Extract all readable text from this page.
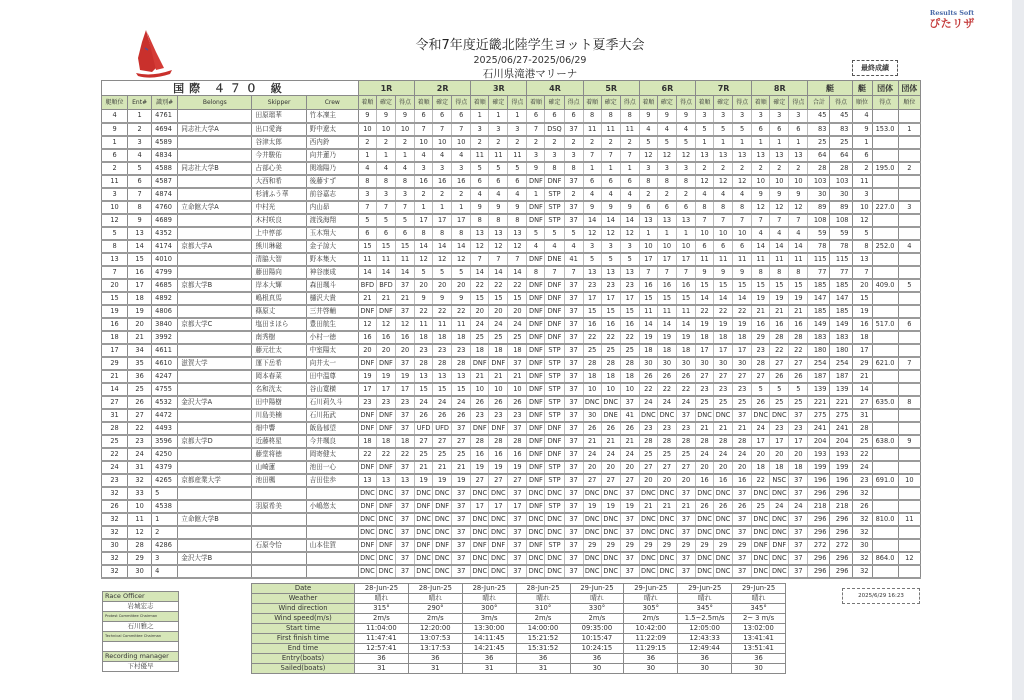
Results Soft
ぴたリザ
令和7年度近畿北陸学生ヨット夏季大会
2025/06/27-2025/06/29
石川県滝港マリーナ	最終成績
国際 ４７０ 級						1R			2R			3R			4R			5R			6R			7R			8R			艇		艇	団体	団体
艇順位	Ent#	識別#	Belongs	Skipper	Crew	着順	確定	得点	着順	確定	得点	着順	確定	得点	着順	確定	得点	着順	確定	得点	着順	確定	得点	着順	確定	得点	着順	確定	得点	合計	得点	順位	得点	順位
4	1	4761		田原瑠華	竹本凜主	9	9	9	6	6	6	1	1	1	6	6	6	8	8	8	9	9	9	3	3	3	3	3	3	45	45	4		
9	2	4694	同志社大学A	出口愛海	野中遼太	10	10	10	7	7	7	3	3	3	7	DSQ	37	11	11	11	4	4	4	5	5	5	6	6	6	83	83	9	153.0	1
1	3	4589		谷津太郎	西内鈴	2	2	2	10	10	10	2	2	2	2	2	2	2	2	2	5	5	5	1	1	1	1	1	1	25	25	1		
6	4	4834		今井駿佑	向井蓮乃	1	1	1	4	4	4	11	11	11	3	3	3	7	7	7	12	12	12	13	13	13	13	13	13	64	64	6		
2	5	4588	同志社大学B	占部心美	関端陽乃	4	4	4	3	3	3	5	5	5	9	8	8	1	1	1	3	3	3	2	2	2	2	2	2	28	28	2	195.0	2
11	6	4587		大西和希	後藤すず	8	8	8	16	16	16	6	6	6	DNF	DNF	37	6	6	6	8	8	8	12	12	12	10	10	10	103	103	11		
3	7	4874		杉浦ふう華	前谷嘉志	3	3	3	2	2	2	4	4	4	1	STP	2	4	4	4	2	2	2	4	4	4	9	9	9	30	30	3		
10	8	4760	立命館大学A	中村光	内山昴	7	7	7	1	1	1	9	9	9	DNF	STP	37	9	9	9	6	6	6	8	8	8	12	12	12	89	89	10	227.0	3
12	9	4689		木村咲良	渡浅海翔	5	5	5	17	17	17	8	8	8	DNF	STP	37	14	14	14	13	13	13	7	7	7	7	7	7	108	108	12		
5	13	4352		上中惇部	玉木翔大	6	6	6	8	8	8	13	13	13	5	5	5	12	12	12	1	1	1	10	10	10	4	4	4	59	59	5		
8	14	4174	京都大学A	熊川琳磁	金子諒大	15	15	15	14	14	14	12	12	12	4	4	4	3	3	3	10	10	10	6	6	6	14	14	14	78	78	8	252.0	4
13	15	4010		清脇大智	野本集大	11	11	11	12	12	12	7	7	7	DNF	DNE	41	5	5	5	17	17	17	11	11	11	11	11	11	115	115	13		
7	16	4799		藤田陽向	神谷康成	14	14	14	5	5	5	14	14	14	8	7	7	13	13	13	7	7	7	9	9	9	8	8	8	77	77	7		
20	17	4685	京都大学B	岸本大輝	森田颯斗	BFD	BFD	37	20	20	20	22	22	22	DNF	DNF	37	23	23	23	16	16	16	15	15	15	15	15	15	185	185	20	409.0	5
15	18	4892		嶋根真馬	樋沢大貴	21	21	21	9	9	9	15	15	15	DNF	DNF	37	17	17	17	15	15	15	14	14	14	19	19	19	147	147	15		
19	19	4806		篠原丈	三井啓輔	DNF	DNF	37	22	22	22	20	20	20	DNF	DNF	37	15	15	15	11	11	11	22	22	22	21	21	21	185	185	19		
16	20	3840	京都大学C	塩田まほら	豊田航生	12	12	12	11	11	11	24	24	24	DNF	DNF	37	16	16	16	14	14	14	19	19	19	16	16	16	149	149	16	517.0	6
18	21	3992		南秀樹	小村一徳	16	16	16	18	18	18	25	25	25	DNF	DNF	37	22	22	22	19	19	19	18	18	18	29	28	28	183	183	18		
17	34	4611		藤元壮太	中室陽太	20	20	20	23	23	23	18	18	18	DNF	STP	37	25	25	25	18	18	18	17	17	17	23	22	22	180	180	17		
29	35	4610	滋賀大学	運下岳希	向井太一	DNF	DNF	37	28	28	28	DNF	DNF	37	DNF	STP	37	28	28	28	30	30	30	30	30	30	28	27	27	254	254	29	621.0	7
21	36	4247		岡本春菜	田中温尊	19	19	19	13	13	13	21	21	21	DNF	STP	37	18	18	18	26	26	26	27	27	27	27	26	26	187	187	21		
14	25	4755		名和洸太	谷山寛横	17	17	17	15	15	15	10	10	10	DNF	STP	37	10	10	10	22	22	22	23	23	23	5	5	5	139	139	14		
27	26	4532	金沢大学A	田中陽樹	石川莉久斗	23	23	23	24	24	24	26	26	26	DNF	STP	37	DNC	DNC	37	24	24	24	25	25	25	26	25	25	221	221	27	635.0	8
31	27	4472		川島美楠	石川拓武	DNF	DNF	37	26	26	26	23	23	23	DNF	STP	37	30	DNE	41	DNC	DNC	37	DNC	DNC	37	DNC	DNC	37	275	275	31		
28	22	4493		畑中響	飯島郁望	DNF	DNF	37	UFD	UFD	37	DNF	DNF	37	DNF	DNF	37	26	26	26	23	23	23	21	21	21	24	23	23	241	241	28		
25	23	3596	京都大学D	近藤柊星	今井颯良	18	18	18	27	27	27	28	28	28	DNF	DNF	37	21	21	21	28	28	28	28	28	28	17	17	17	204	204	25	638.0	9
22	24	4250		藤堂将徳	岡寄健太	22	22	22	25	25	25	16	16	16	DNF	DNF	37	24	24	24	25	25	25	24	24	24	20	20	20	193	193	22		
24	31	4379		山崎蓮	池田一心	DNF	DNF	37	21	21	21	19	19	19	DNF	STP	37	20	20	20	27	27	27	20	20	20	18	18	18	199	199	24		
23	32	4265	京都産業大学	池田楓	吉田佳歩	13	13	13	19	19	19	27	27	27	DNF	STP	37	27	27	27	20	20	20	16	16	16	22	NSC	37	196	196	23	691.0	10
32	33	5				DNC	DNC	37	DNC	DNC	37	DNC	DNC	37	DNC	DNC	37	DNC	DNC	37	DNC	DNC	37	DNC	DNC	37	DNC	DNC	37	296	296	32		
26	10	4538		羽原希美	小嶋悠太	DNF	DNF	37	DNF	DNF	37	17	17	17	DNF	STP	37	19	19	19	21	21	21	26	26	26	25	24	24	218	218	26		
32	11	1	立命館大学B			DNC	DNC	37	DNC	DNC	37	DNC	DNC	37	DNC	DNC	37	DNC	DNC	37	DNC	DNC	37	DNC	DNC	37	DNC	DNC	37	296	296	32	810.0	11
32	12	2				DNC	DNC	37	DNC	DNC	37	DNC	DNC	37	DNC	DNC	37	DNC	DNC	37	DNC	DNC	37	DNC	DNC	37	DNC	DNC	37	296	296	32		
30	28	4286		石原令恰	山本佳賀	DNF	DNF	37	DNF	DNF	37	DNF	DNF	37	DNF	STP	37	29	29	29	29	29	29	29	29	29	DNF	DNF	37	272	272	30		
32	29	3	金沢大学B			DNC	DNC	37	DNC	DNC	37	DNC	DNC	37	DNC	DNC	37	DNC	DNC	37	DNC	DNC	37	DNC	DNC	37	DNC	DNC	37	296	296	32	864.0	12
32	30	4				DNC	DNC	37	DNC	DNC	37	DNC	DNC	37	DNC	DNC	37	DNC	DNC	37	DNC	DNC	37	DNC	DNC	37	DNC	DNC	37	296	296	32		
Race Officer
岩城宏志
Protest Committee Chairman
石川雅之
Technical Committee Chairman

Recording manager
下村優早
Date	28-Jun-25	28-Jun-25	28-Jun-25	28-Jun-25	29-Jun-25	29-Jun-25	29-Jun-25	29-Jun-25
Weather	晴れ	晴れ	晴れ	晴れ	晴れ	晴れ	晴れ	晴れ
Wind direction	315°	290°	300°	310°	330°	305°	345°	345°
Wind speed(m/s)	2m/s	2m/s	3m/s	2m/s	2m/s	2m/s	1.5~2.5m/s	2~ 3 m/s
Start time	11:04:00	12:20:00	13:30:00	14:00:00	09:35:00	10:42:00	12:05:00	13:02:00
First finish time	11:47:41	13:07:53	14:11:45	15:21:52	10:15:47	11:22:09	12:43:33	13:41:41
End time	12:57:41	13:17:53	14:21:45	15:31:52	10:24:15	11:29:15	12:49:44	13:51:41
Entry(boats)	36	36	36	36	36	36	36	36
Sailed(boats)	31	31	31	31	30	30	30	30
2025/6/29 16:23
